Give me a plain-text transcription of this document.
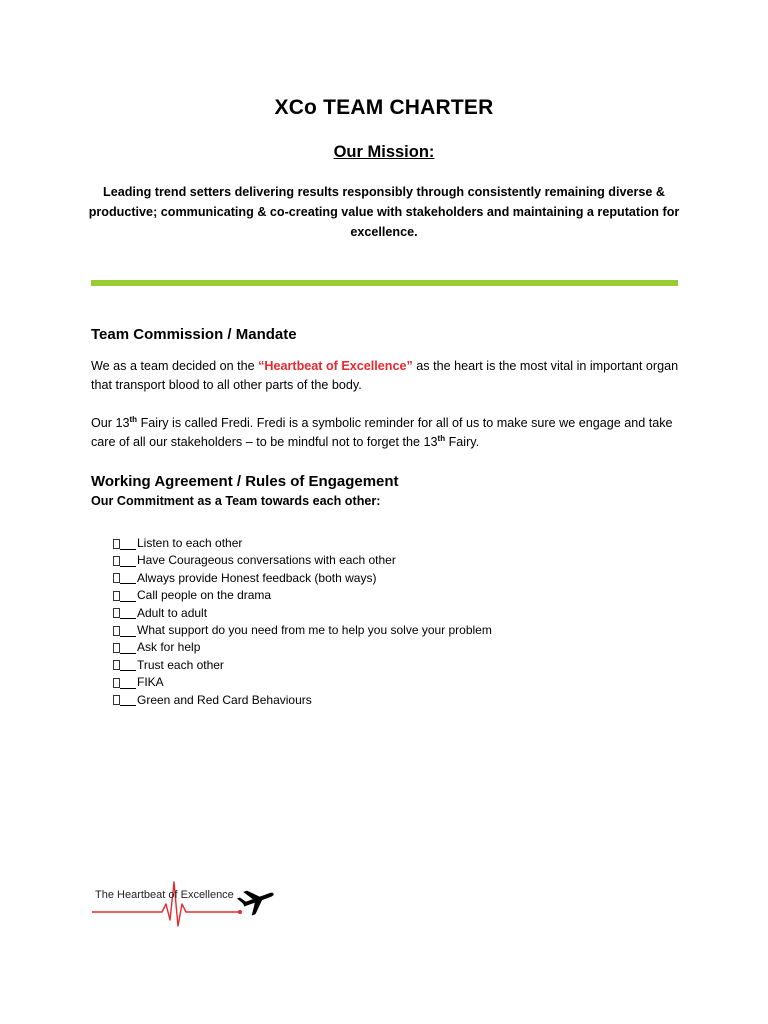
XCo TEAM CHARTER
Our Mission:
Leading trend setters delivering results responsibly through consistently remaining diverse & productive; communicating & co-creating value with stakeholders and maintaining a reputation for excellence.
Team Commission / Mandate
We as a team decided on the “Heartbeat of Excellence” as the heart is the most vital in important organ that transport blood to all other parts of the body.
Our 13th Fairy is called Fredi. Fredi is a symbolic reminder for all of us to make sure we engage and take care of all our stakeholders – to be mindful not to forget the 13th Fairy.
Working Agreement / Rules of Engagement
Our Commitment as a Team towards each other:
Listen to each other
Have Courageous conversations with each other
Always provide Honest feedback (both ways)
Call people on the drama
Adult to adult
What support do you need from me to help you solve your problem
Ask for help
Trust each other
FIKA
Green and Red Card Behaviours
The Heartbeat of Excellence
